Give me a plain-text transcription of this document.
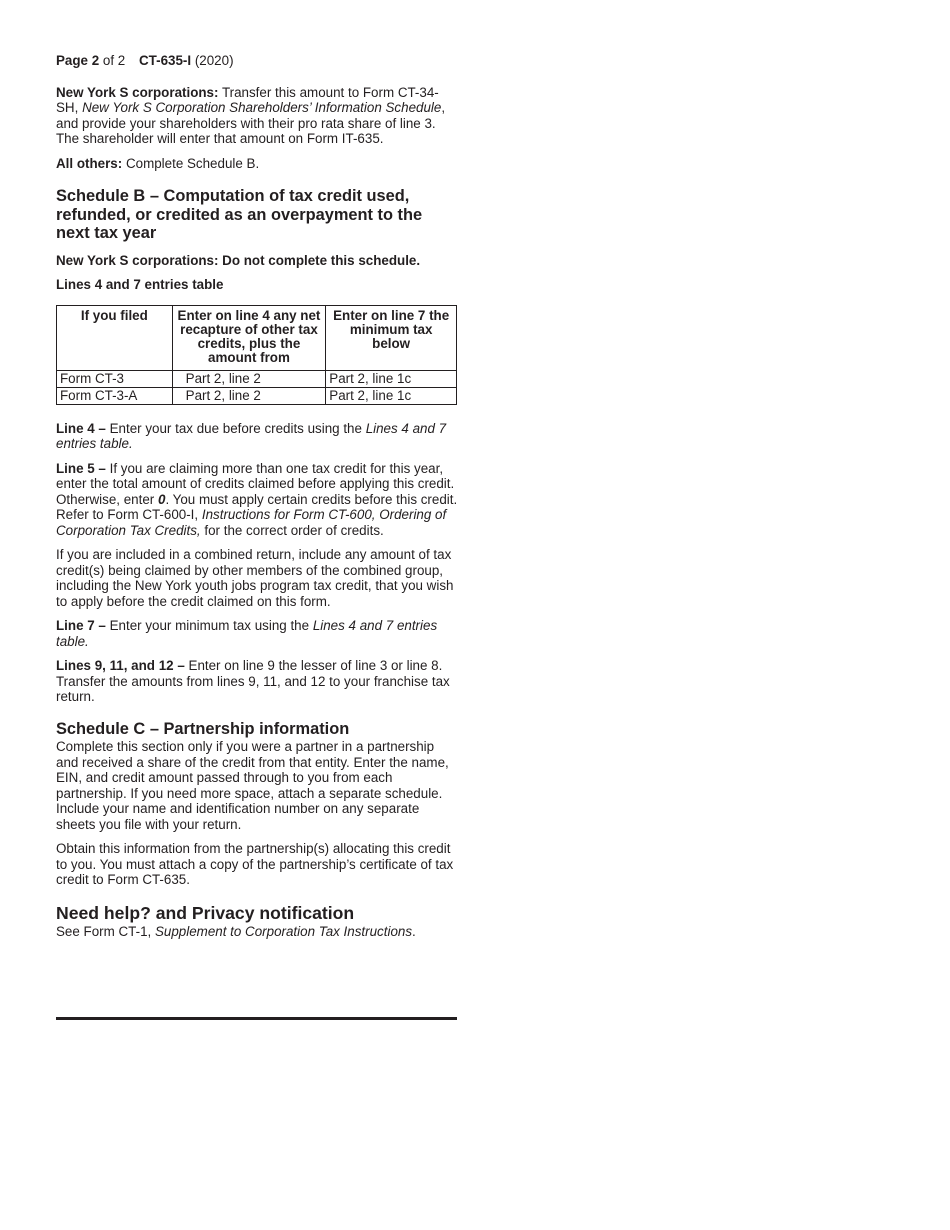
Page 2 of 2 CT-635-I (2020)

New York S corporations: Transfer this amount to Form CT-34-SH, New York S Corporation Shareholders’ Information Schedule, and provide your shareholders with their pro rata share of line 3. The shareholder will enter that amount on Form IT-635.

All others: Complete Schedule B.

Schedule B – Computation of tax credit used, refunded, or credited as an overpayment to the next tax year

New York S corporations: Do not complete this schedule.

Lines 4 and 7 entries table

If you filed	Enter on line 4 any net recapture of other tax credits, plus the amount from	Enter on line 7 the minimum tax below
Form CT-3	Part 2, line 2	Part 2, line 1c
Form CT-3-A	Part 2, line 2	Part 2, line 1c

Line 4 – Enter your tax due before credits using the Lines 4 and 7 entries table.

Line 5 – If you are claiming more than one tax credit for this year, enter the total amount of credits claimed before applying this credit. Otherwise, enter 0. You must apply certain credits before this credit. Refer to Form CT-600-I, Instructions for Form CT-600, Ordering of Corporation Tax Credits, for the correct order of credits.

If you are included in a combined return, include any amount of tax credit(s) being claimed by other members of the combined group, including the New York youth jobs program tax credit, that you wish to apply before the credit claimed on this form.

Line 7 – Enter your minimum tax using the Lines 4 and 7 entries table.

Lines 9, 11, and 12 – Enter on line 9 the lesser of line 3 or line 8. Transfer the amounts from lines 9, 11, and 12 to your franchise tax return.

Schedule C – Partnership information

Complete this section only if you were a partner in a partnership and received a share of the credit from that entity. Enter the name, EIN, and credit amount passed through to you from each partnership. If you need more space, attach a separate schedule. Include your name and identification number on any separate sheets you file with your return.

Obtain this information from the partnership(s) allocating this credit to you. You must attach a copy of the partnership’s certificate of tax credit to Form CT-635.

Need help? and Privacy notification

See Form CT-1, Supplement to Corporation Tax Instructions.
